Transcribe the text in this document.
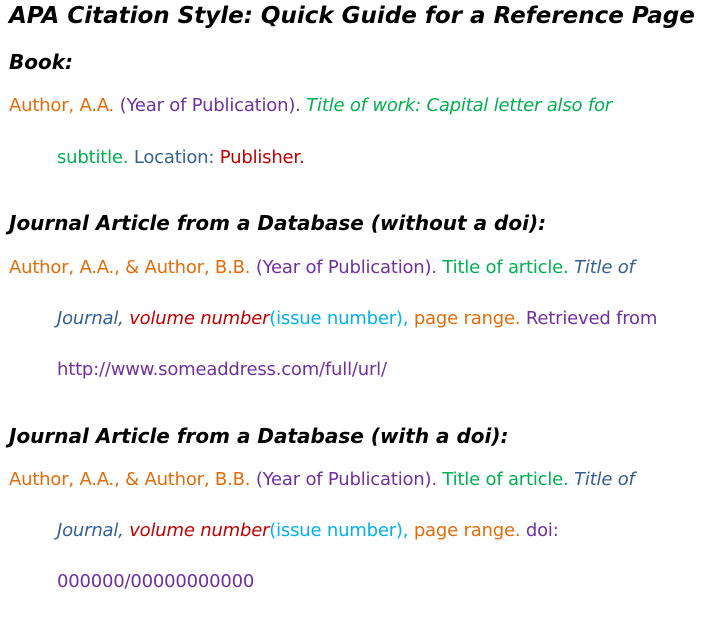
APA Citation Style: Quick Guide for a Reference Page
Book:
Author, A.A. (Year of Publication). Title of work: Capital letter also for
subtitle. Location: Publisher.
Journal Article from a Database (without a doi):
Author, A.A., & Author, B.B. (Year of Publication). Title of article. Title of
Journal, volume number(issue number), page range. Retrieved from
http://www.someaddress.com/full/url/
Journal Article from a Database (with a doi):
Author, A.A., & Author, B.B. (Year of Publication). Title of article. Title of
Journal, volume number(issue number), page range. doi:
000000/00000000000
